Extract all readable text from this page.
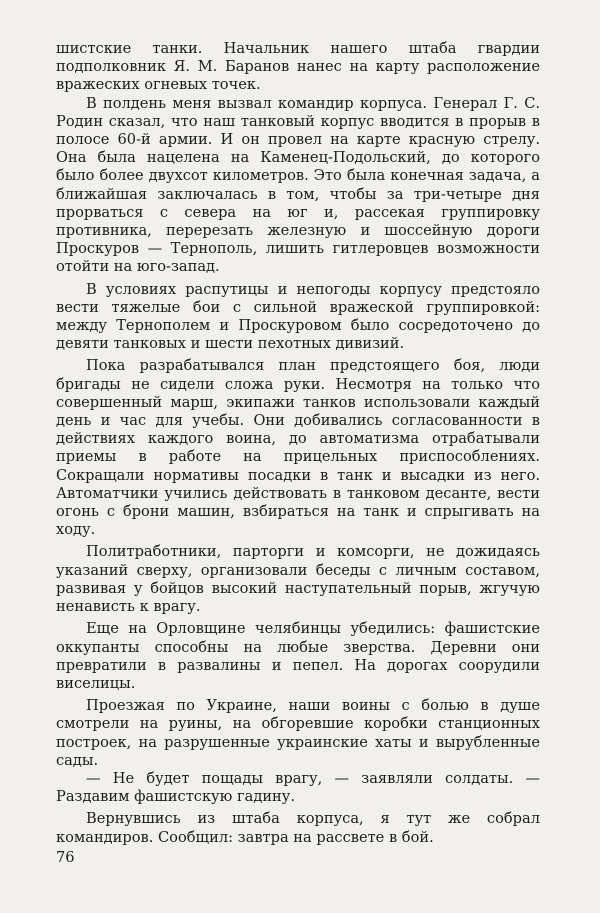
шистские танки. Начальник нашего штаба гвардии подполковник Я. М. Баранов нанес на карту расположение вражеских огневых точек.

В полдень меня вызвал командир корпуса. Генерал Г. С. Родин сказал, что наш танковый корпус вводится в прорыв в полосе 60-й армии. И он провел на карте красную стрелу. Она была нацелена на Каменец-Подольский, до которого было более двухсот километров. Это была конечная задача, а ближайшая заключалась в том, чтобы за три-четыре дня прорваться с севера на юг и, рассекая группировку противника, перерезать железную и шоссейную дороги Проскуров — Тернополь, лишить гитлеровцев возможности отойти на юго-запад.

В условиях распутицы и непогоды корпусу предстояло вести тяжелые бои с сильной вражеской группировкой: между Тернополем и Проскуровом было сосредоточено до девяти танковых и шести пехотных дивизий.

Пока разрабатывался план предстоящего боя, люди бригады не сидели сложа руки. Несмотря на только что совершенный марш, экипажи танков использовали каждый день и час для учебы. Они добивались согласованности в действиях каждого воина, до автоматизма отрабатывали приемы в работе на прицельных приспособлениях. Сокращали нормативы посадки в танк и высадки из него. Автоматчики учились действовать в танковом десанте, вести огонь с брони машин, взбираться на танк и спрыгивать на ходу.

Политработники, парторги и комсорги, не дожидаясь указаний сверху, организовали беседы с личным составом, развивая у бойцов высокий наступательный порыв, жгучую ненависть к врагу.

Еще на Орловщине челябинцы убедились: фашистские оккупанты способны на любые зверства. Деревни они превратили в развалины и пепел. На дорогах соорудили виселицы.

Проезжая по Украине, наши воины с болью в душе смотрели на руины, на обгоревшие коробки станционных построек, на разрушенные украинские хаты и вырубленные сады.

— Не будет пощады врагу, — заявляли солдаты. — Раздавим фашистскую гадину.

Вернувшись из штаба корпуса, я тут же собрал командиров. Сообщил: завтра на рассвете в бой.

76
